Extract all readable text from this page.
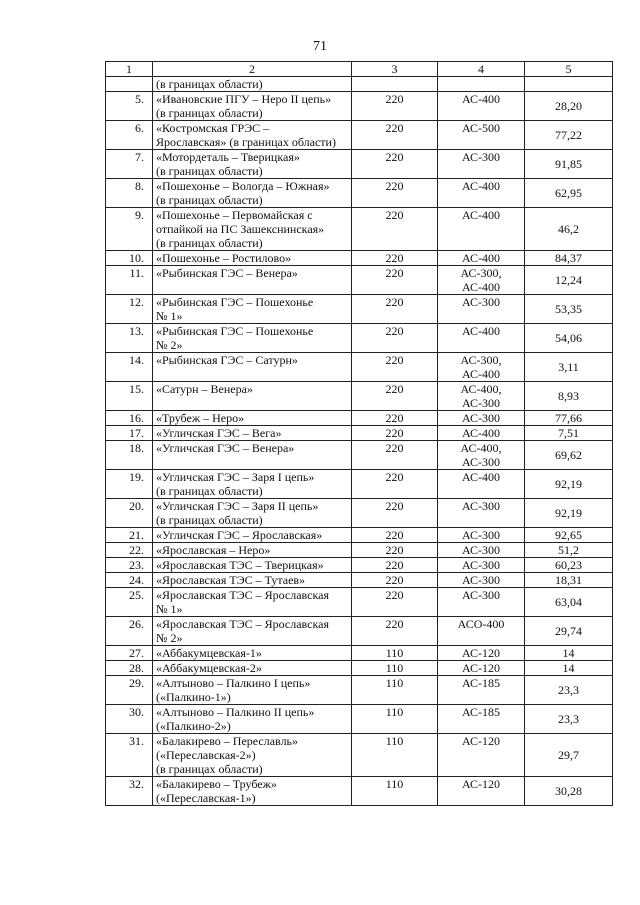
71
1	2	3	4	5
	(в границах области)			
5.	«Ивановские ПГУ – Неро II цепь»
(в границах области)	220	АС-400	28,20
6.	«Костромская ГРЭС –
Ярославская» (в границах области)	220	АС-500	77,22
7.	«Мотордеталь – Тверицкая»
(в границах области)	220	АС-300	91,85
8.	«Пошехонье – Вологда – Южная»
(в границах области)	220	АС-400	62,95
9.	«Пошехонье – Первомайская с
отпайкой на ПС Зашекснинская»
(в границах области)	220	АС-400	46,2
10.	«Пошехонье – Ростилово»	220	АС-400	84,37
11.	«Рыбинская ГЭС – Венера»	220	АС-300,
АС-400	12,24
12.	«Рыбинская ГЭС – Пошехонье
№ 1»	220	АС-300	53,35
13.	«Рыбинская ГЭС – Пошехонье
№ 2»	220	АС-400	54,06
14.	«Рыбинская ГЭС – Сатурн»	220	АС-300,
АС-400	3,11
15.	«Сатурн – Венера»	220	АС-400,
АС-300	8,93
16.	«Трубеж – Неро»	220	АС-300	77,66
17.	«Угличская ГЭС – Вега»	220	АС-400	7,51
18.	«Угличская ГЭС – Венера»	220	АС-400,
АС-300	69,62
19.	«Угличская ГЭС – Заря I цепь»
(в границах области)	220	АС-400	92,19
20.	«Угличская ГЭС – Заря II цепь»
(в границах области)	220	АС-300	92,19
21.	«Угличская ГЭС – Ярославская»	220	АС-300	92,65
22.	«Ярославская – Неро»	220	АС-300	51,2
23.	«Ярославская ТЭС – Тверицкая»	220	АС-300	60,23
24.	«Ярославская ТЭС – Тутаев»	220	АС-300	18,31
25.	«Ярославская ТЭС – Ярославская
№ 1»	220	АС-300	63,04
26.	«Ярославская ТЭС – Ярославская
№ 2»	220	АСО-400	29,74
27.	«Аббакумцевская-1»	110	АС-120	14
28.	«Аббакумцевская-2»	110	АС-120	14
29.	«Алтыново – Палкино I цепь»
(«Палкино-1»)	110	АС-185	23,3
30.	«Алтыново – Палкино II цепь»
(«Палкино-2»)	110	АС-185	23,3
31.	«Балакирево – Переславль»
(«Переславская-2»)
(в границах области)	110	АС-120	29,7
32.	«Балакирево – Трубеж»
(«Переславская-1»)	110	АС-120	30,28
